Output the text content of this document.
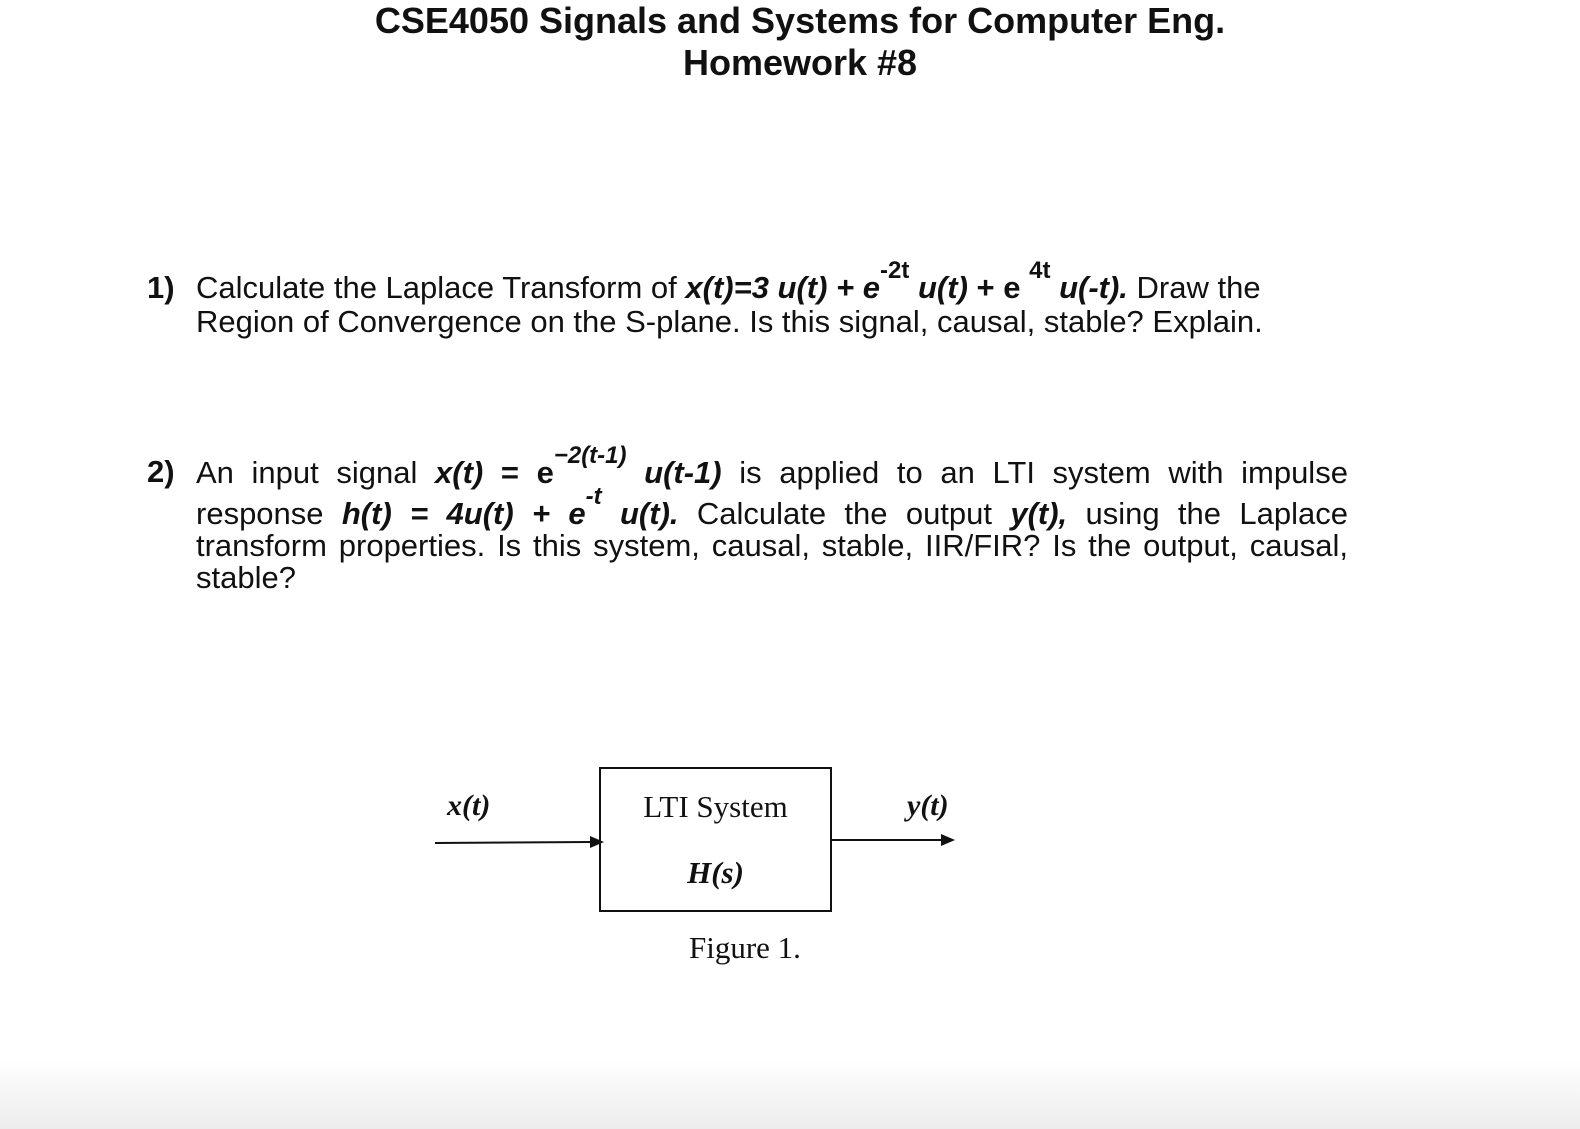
CSE4050 Signals and Systems for Computer Eng.
Homework #8
1) Calculate the Laplace Transform of x(t)=3 $u(t) + e^{-2t}$ u(t) + e $^{4t}$ u(-t). Draw the
Region of Convergence on the S-plane. Is this signal, causal, stable? Explain.
2) An input signal $x(t) = e^{-2(t-1)}$ u(t-1) is applied to an LTI system with impulse
response $h(t) = 4u(t) + e^{-t}$ u(t). Calculate the output y(t), using the Laplace
transform properties. Is this system, causal, stable, IIR/FIR? Is the output, causal,
stable?
x(t)	y(t)
LTI System
H(s)
Figure 1.
